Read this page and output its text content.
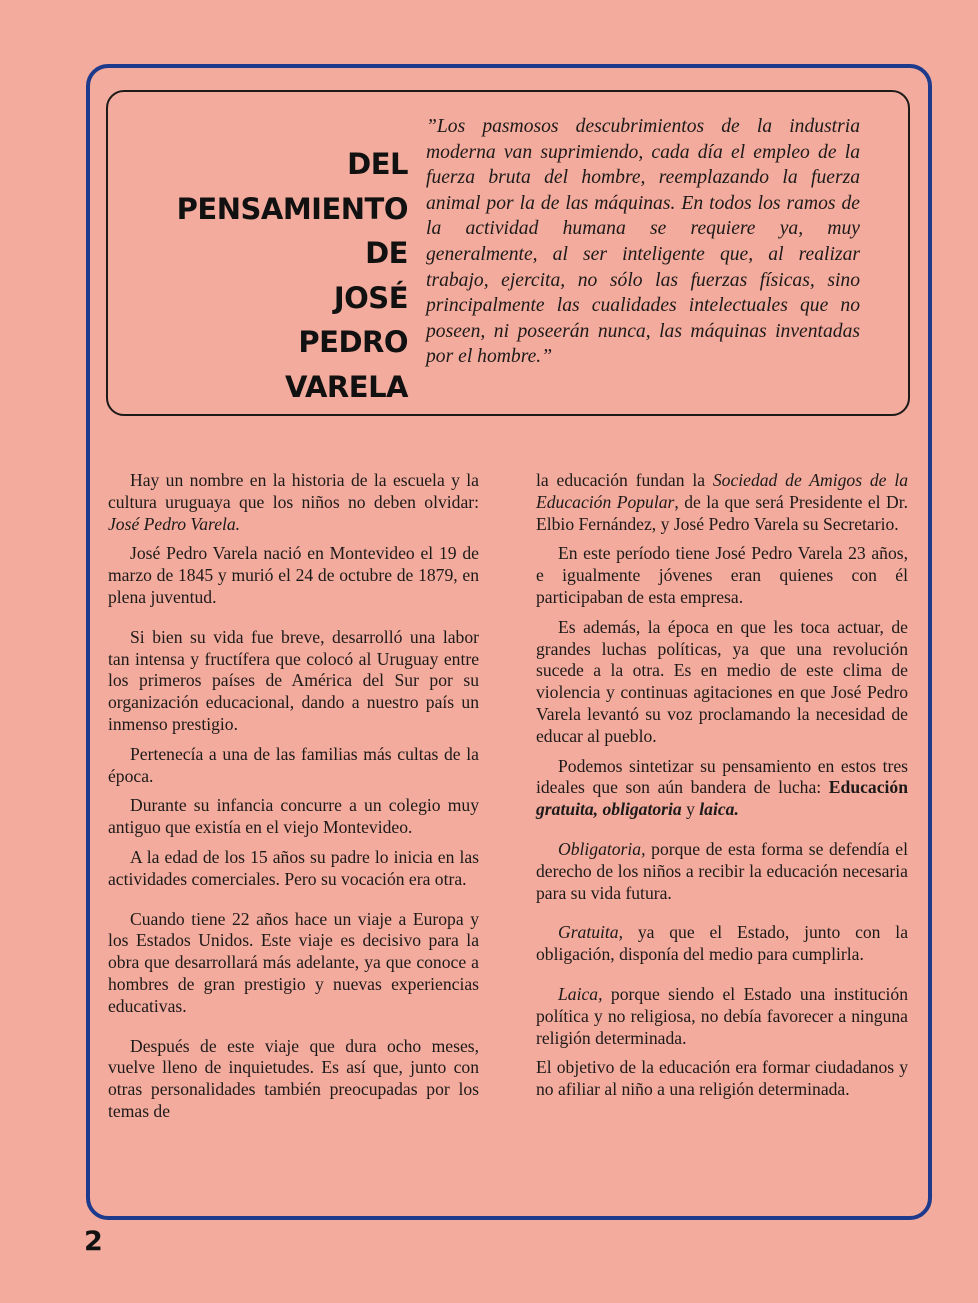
DEL
PENSAMIENTO
DE
JOSÉ
PEDRO
VARELA
”Los pasmosos descubrimientos de la industria moderna van suprimiendo, cada día el empleo de la fuerza bruta del hombre, reemplazando la fuerza animal por la de las máquinas. En todos los ramos de la actividad humana se requiere ya, muy generalmente, al ser inteligente que, al realizar trabajo, ejercita, no sólo las fuerzas físicas, sino principalmente las cualidades intelectuales que no poseen, ni poseerán nunca, las máquinas inventadas por el hombre.”

Hay un nombre en la historia de la escuela y la cultura uruguaya que los niños no deben olvidar: José Pedro Varela.

José Pedro Varela nació en Montevideo el 19 de marzo de 1845 y murió el 24 de octubre de 1879, en plena juventud.

Si bien su vida fue breve, desarrolló una labor tan intensa y fructífera que colocó al Uruguay entre los primeros países de América del Sur por su organización educacional, dando a nuestro país un inmenso prestigio.

Pertenecía a una de las familias más cultas de la época.

Durante su infancia concurre a un colegio muy antiguo que existía en el viejo Montevideo.

A la edad de los 15 años su padre lo inicia en las actividades comerciales. Pero su vocación era otra.

Cuando tiene 22 años hace un viaje a Europa y los Estados Unidos. Este viaje es decisivo para la obra que desarrollará más adelante, ya que conoce a hombres de gran prestigio y nuevas experiencias educativas.

Después de este viaje que dura ocho meses, vuelve lleno de inquietudes. Es así que, junto con otras personalidades también preocupadas por los temas de

la educación fundan la Sociedad de Amigos de la Educación Popular, de la que será Presidente el Dr. Elbio Fernández, y José Pedro Varela su Secretario.

En este período tiene José Pedro Varela 23 años, e igualmente jóvenes eran quienes con él participaban de esta empresa.

Es además, la época en que les toca actuar, de grandes luchas políticas, ya que una revolución sucede a la otra. Es en medio de este clima de violencia y continuas agitaciones en que José Pedro Varela levantó su voz proclamando la necesidad de educar al pueblo.

Podemos sintetizar su pensamiento en estos tres ideales que son aún bandera de lucha: Educación gratuita, obligatoria y laica.

Obligatoria, porque de esta forma se defendía el derecho de los niños a recibir la educación necesaria para su vida futura.

Gratuita, ya que el Estado, junto con la obligación, disponía del medio para cumplirla.

Laica, porque siendo el Estado una institución política y no religiosa, no debía favorecer a ninguna religión determinada.

El objetivo de la educación era formar ciudadanos y no afiliar al niño a una religión determinada.

2
